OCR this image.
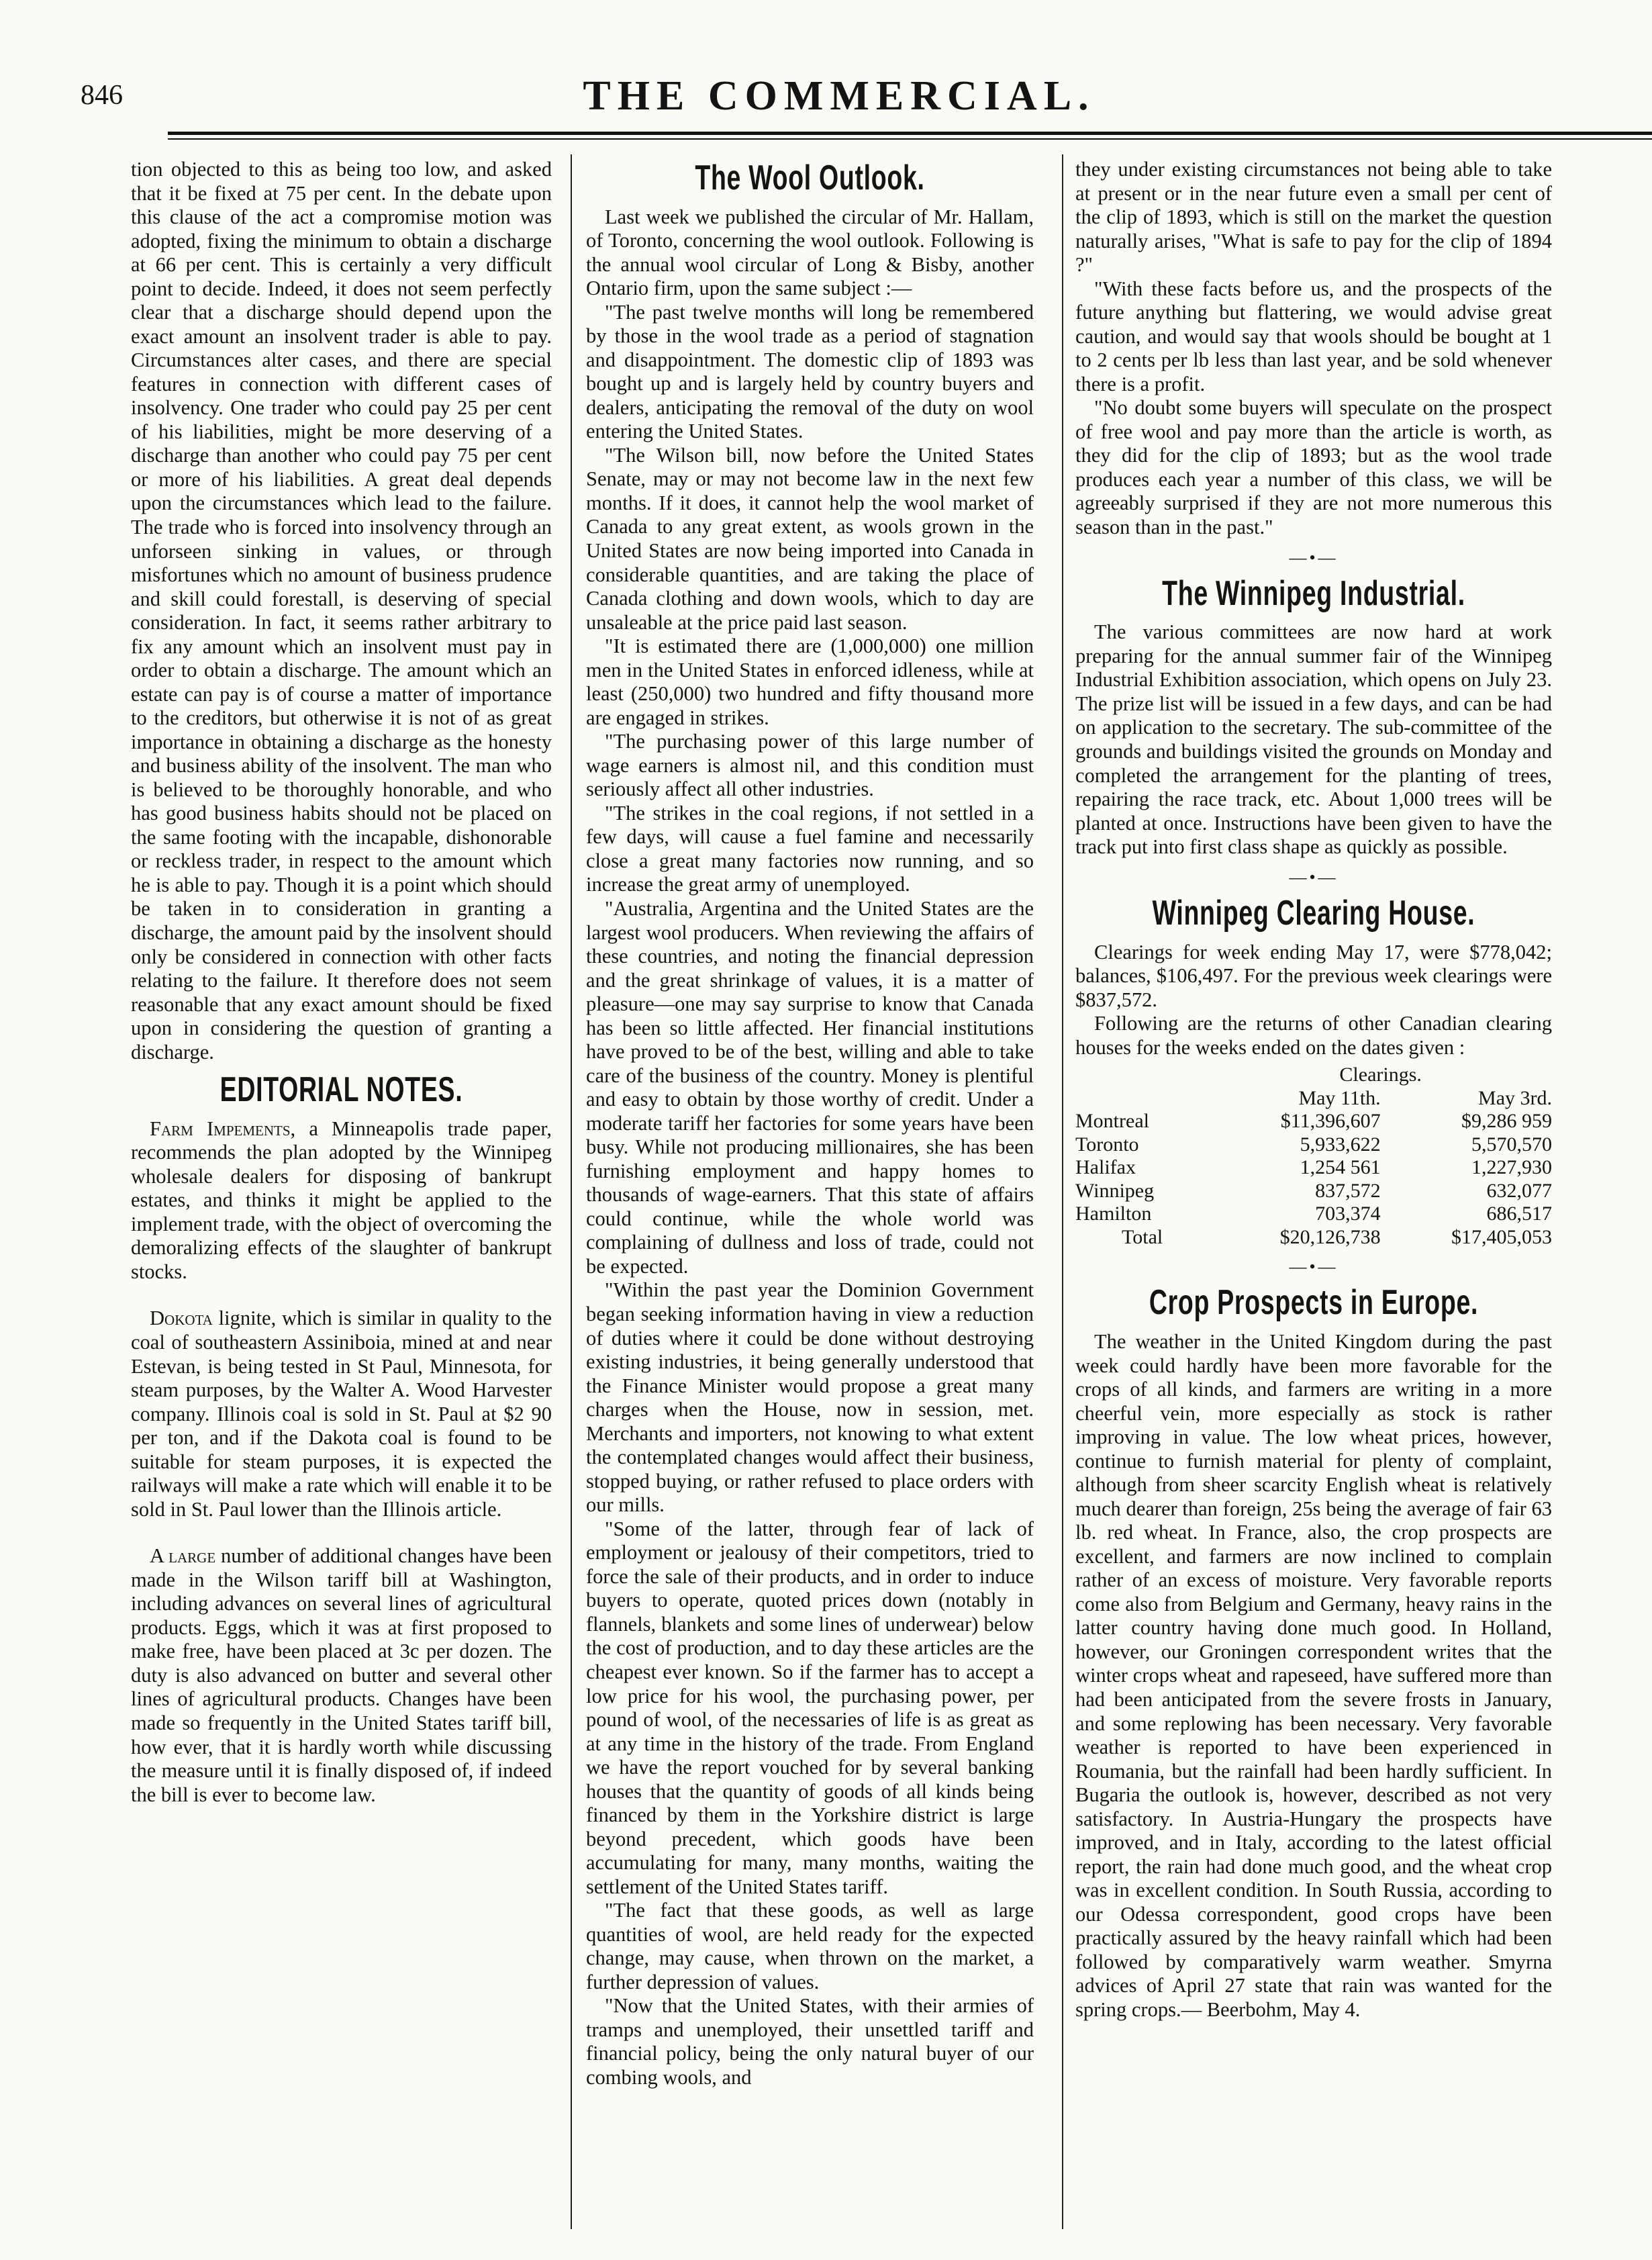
846	THE COMMERCIAL.

tion objected to this as being too low, and asked that it be fixed at 75 per cent. In the debate upon this clause of the act a compromise motion was adopted, fixing the minimum to obtain a discharge at 66 per cent. This is certainly a very difficult point to decide. Indeed, it does not seem perfectly clear that a discharge should depend upon the exact amount an insolvent trader is able to pay. Circumstances alter cases, and there are special features in connection with different cases of insolvency. One trader who could pay 25 per cent of his liabilities, might be more deserving of a discharge than another who could pay 75 per cent or more of his liabilities. A great deal depends upon the circumstances which lead to the failure. The trade who is forced into insolvency through an unforseen sinking in values, or through misfortunes which no amount of business prudence and skill could forestall, is deserving of special consideration. In fact, it seems rather arbitrary to fix any amount which an insolvent must pay in order to obtain a discharge. The amount which an estate can pay is of course a matter of importance to the creditors, but otherwise it is not of as great importance in obtaining a discharge as the honesty and business ability of the insolvent. The man who is believed to be thoroughly honorable, and who has good business habits should not be placed on the same footing with the incapable, dishonorable or reckless trader, in respect to the amount which he is able to pay. Though it is a point which should be taken in to consideration in granting a discharge, the amount paid by the insolvent should only be considered in connection with other facts relating to the failure. It therefore does not seem reasonable that any exact amount should be fixed upon in considering the question of granting a discharge.

EDITORIAL NOTES.

Farm Impements, a Minneapolis trade paper, recommends the plan adopted by the Winnipeg wholesale dealers for disposing of bankrupt estates, and thinks it might be applied to the implement trade, with the object of overcoming the demoralizing effects of the slaughter of bankrupt stocks.

Dokota lignite, which is similar in quality to the coal of southeastern Assiniboia, mined at and near Estevan, is being tested in St Paul, Minnesota, for steam purposes, by the Walter A. Wood Harvester company. Illinois coal is sold in St. Paul at $2 90 per ton, and if the Dakota coal is found to be suitable for steam purposes, it is expected the railways will make a rate which will enable it to be sold in St. Paul lower than the Illinois article.

A large number of additional changes have been made in the Wilson tariff bill at Washington, including advances on several lines of agricultural products. Eggs, which it was at first proposed to make free, have been placed at 3c per dozen. The duty is also advanced on butter and several other lines of agricultural products. Changes have been made so frequently in the United States tariff bill, how ever, that it is hardly worth while discussing the measure until it is finally disposed of, if indeed the bill is ever to become law.

The Wool Outlook.

Last week we published the circular of Mr. Hallam, of Toronto, concerning the wool outlook. Following is the annual wool circular of Long & Bisby, another Ontario firm, upon the same subject :—

"The past twelve months will long be remembered by those in the wool trade as a period of stagnation and disappointment. The domestic clip of 1893 was bought up and is largely held by country buyers and dealers, anticipating the removal of the duty on wool entering the United States.

"The Wilson bill, now before the United States Senate, may or may not become law in the next few months. If it does, it cannot help the wool market of Canada to any great extent, as wools grown in the United States are now being imported into Canada in considerable quantities, and are taking the place of Canada clothing and down wools, which to day are unsaleable at the price paid last season.

"It is estimated there are (1,000,000) one million men in the United States in enforced idleness, while at least (250,000) two hundred and fifty thousand more are engaged in strikes.

"The purchasing power of this large number of wage earners is almost nil, and this condition must seriously affect all other industries.

"The strikes in the coal regions, if not settled in a few days, will cause a fuel famine and necessarily close a great many factories now running, and so increase the great army of unemployed.

"Australia, Argentina and the United States are the largest wool producers. When reviewing the affairs of these countries, and noting the financial depression and the great shrinkage of values, it is a matter of pleasure—one may say surprise to know that Canada has been so little affected. Her financial institutions have proved to be of the best, willing and able to take care of the business of the country. Money is plentiful and easy to obtain by those worthy of credit. Under a moderate tariff her factories for some years have been busy. While not producing millionaires, she has been furnishing employment and happy homes to thousands of wage-earners. That this state of affairs could continue, while the whole world was complaining of dullness and loss of trade, could not be expected.

"Within the past year the Dominion Government began seeking information having in view a reduction of duties where it could be done without destroying existing industries, it being generally understood that the Finance Minister would propose a great many charges when the House, now in session, met. Merchants and importers, not knowing to what extent the contemplated changes would affect their business, stopped buying, or rather refused to place orders with our mills.

"Some of the latter, through fear of lack of employment or jealousy of their competitors, tried to force the sale of their products, and in order to induce buyers to operate, quoted prices down (notably in flannels, blankets and some lines of underwear) below the cost of production, and to day these articles are the cheapest ever known. So if the farmer has to accept a low price for his wool, the purchasing power, per pound of wool, of the necessaries of life is as great as at any time in the history of the trade. From England we have the report vouched for by several banking houses that the quantity of goods of all kinds being financed by them in the Yorkshire district is large beyond precedent, which goods have been accumulating for many, many months, waiting the settlement of the United States tariff.

"The fact that these goods, as well as large quantities of wool, are held ready for the expected change, may cause, when thrown on the market, a further depression of values.

"Now that the United States, with their armies of tramps and unemployed, their unsettled tariff and financial policy, being the only natural buyer of our combing wools, and

they under existing circumstances not being able to take at present or in the near future even a small per cent of the clip of 1893, which is still on the market the question naturally arises, "What is safe to pay for the clip of 1894 ?"

"With these facts before us, and the prospects of the future anything but flattering, we would advise great caution, and would say that wools should be bought at 1 to 2 cents per lb less than last year, and be sold whenever there is a profit.

"No doubt some buyers will speculate on the prospect of free wool and pay more than the article is worth, as they did for the clip of 1893; but as the wool trade produces each year a number of this class, we will be agreeably surprised if they are not more numerous this season than in the past."

—•—
The Winnipeg Industrial.

The various committees are now hard at work preparing for the annual summer fair of the Winnipeg Industrial Exhibition association, which opens on July 23. The prize list will be issued in a few days, and can be had on application to the secretary. The sub-committee of the grounds and buildings visited the grounds on Monday and completed the arrangement for the planting of trees, repairing the race track, etc. About 1,000 trees will be planted at once. Instructions have been given to have the track put into first class shape as quickly as possible.

—•—
Winnipeg Clearing House.

Clearings for week ending May 17, were $778,042; balances, $106,497. For the previous week clearings were $837,572.

Following are the returns of other Canadian clearing houses for the weeks ended on the dates given :

	Clearings.	
	May 11th.	May 3rd.
Montreal	$11,396,607	$9,286 959
Toronto	5,933,622	5,570,570
Halifax	1,254 561	1,227,930
Winnipeg	837,572	632,077
Hamilton	703,374	686,517
Total	$20,126,738	$17,405,053
—•—
Crop Prospects in Europe.

The weather in the United Kingdom during the past week could hardly have been more favorable for the crops of all kinds, and farmers are writing in a more cheerful vein, more especially as stock is rather improving in value. The low wheat prices, however, continue to furnish material for plenty of complaint, although from sheer scarcity English wheat is relatively much dearer than foreign, 25s being the average of fair 63 lb. red wheat. In France, also, the crop prospects are excellent, and farmers are now inclined to complain rather of an excess of moisture. Very favorable reports come also from Belgium and Germany, heavy rains in the latter country having done much good. In Holland, however, our Groningen correspondent writes that the winter crops wheat and rapeseed, have suffered more than had been anticipated from the severe frosts in January, and some replowing has been necessary. Very favorable weather is reported to have been experienced in Roumania, but the rainfall had been hardly sufficient. In Bugaria the outlook is, however, described as not very satisfactory. In Austria-Hungary the prospects have improved, and in Italy, according to the latest official report, the rain had done much good, and the wheat crop was in excellent condition. In South Russia, according to our Odessa correspondent, good crops have been practically assured by the heavy rainfall which had been followed by comparatively warm weather. Smyrna advices of April 27 state that rain was wanted for the spring crops.— Beerbohm, May 4.
